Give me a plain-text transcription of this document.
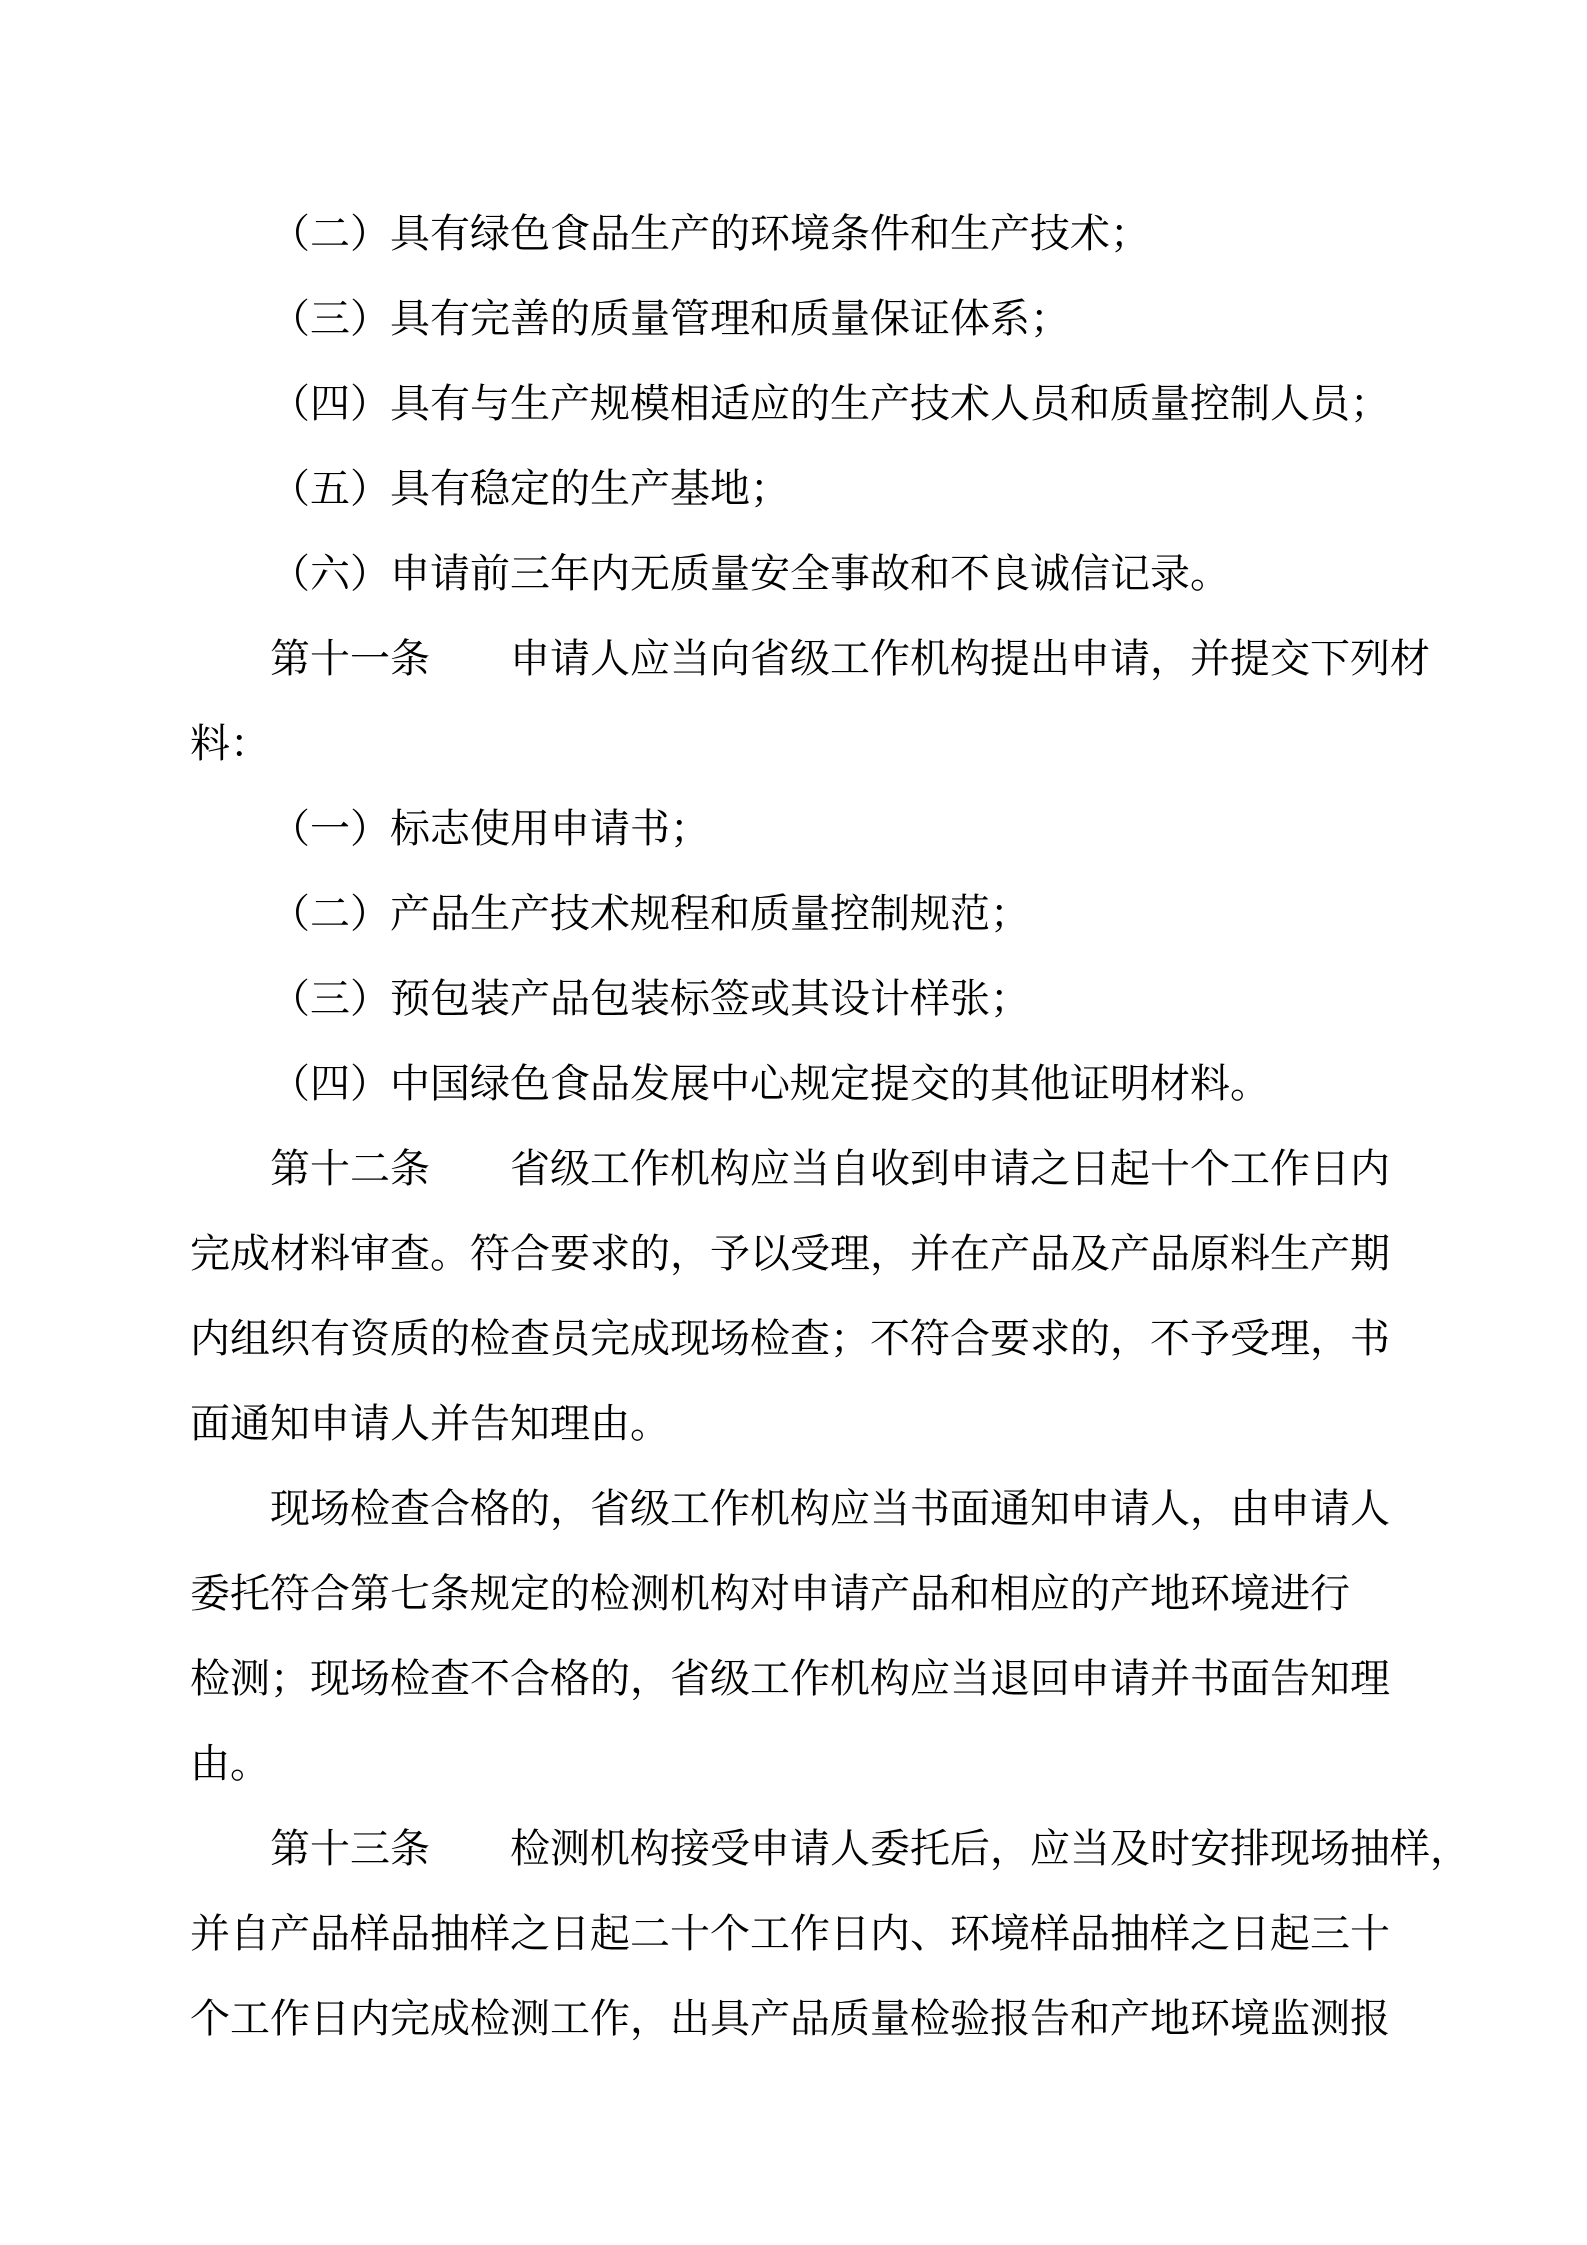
（二）具有绿色食品生产的环境条件和生产技术；
（三）具有完善的质量管理和质量保证体系；
（四）具有与生产规模相适应的生产技术人员和质量控制人员；
（五）具有稳定的生产基地；
（六）申请前三年内无质量安全事故和不良诚信记录。
第十一条　　申请人应当向省级工作机构提出申请，并提交下列材
料：
（一）标志使用申请书；
（二）产品生产技术规程和质量控制规范；
（三）预包装产品包装标签或其设计样张；
（四）中国绿色食品发展中心规定提交的其他证明材料。
第十二条　　省级工作机构应当自收到申请之日起十个工作日内
完成材料审查。符合要求的，予以受理，并在产品及产品原料生产期
内组织有资质的检查员完成现场检查；不符合要求的，不予受理，书
面通知申请人并告知理由。
现场检查合格的，省级工作机构应当书面通知申请人，由申请人
委托符合第七条规定的检测机构对申请产品和相应的产地环境进行
检测；现场检查不合格的，省级工作机构应当退回申请并书面告知理
由。
第十三条　　检测机构接受申请人委托后，应当及时安排现场抽样，
并自产品样品抽样之日起二十个工作日内、环境样品抽样之日起三十
个工作日内完成检测工作，出具产品质量检验报告和产地环境监测报
